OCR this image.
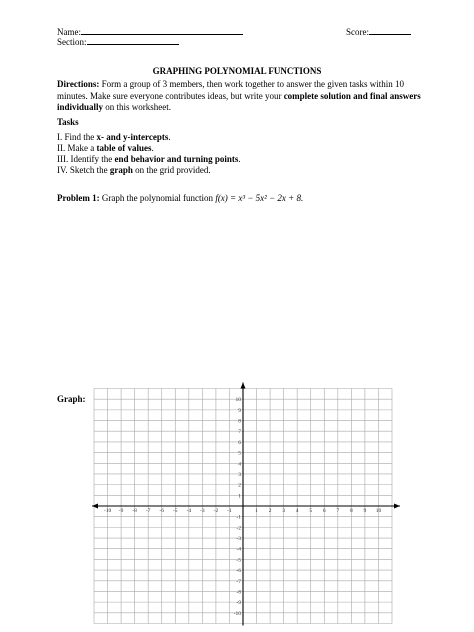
Name:
Section:
Score:
GRAPHING POLYNOMIAL FUNCTIONS
Directions: Form a group of 3 members, then work together to answer the given tasks within 10 minutes. Make sure everyone contributes ideas, but write your complete solution and final answers individually on this worksheet.
Tasks
I. Find the x- and y-intercepts.
II. Make a table of values.
III. Identify the end behavior and turning points.
IV. Sketch the graph on the grid provided.
Problem 1: Graph the polynomial function f(x) = x³ − 5x² − 2x + 8.
Graph:
-10 -9 -8 -7 -6 -5 -4 -3 -2 -1	1 2 3 4 5 6 7 8 9 10
10
9
8
7
6
5
4
3
2
1
-1
-2
-3
-4
-5
-6
-7
-8
-9
-10
